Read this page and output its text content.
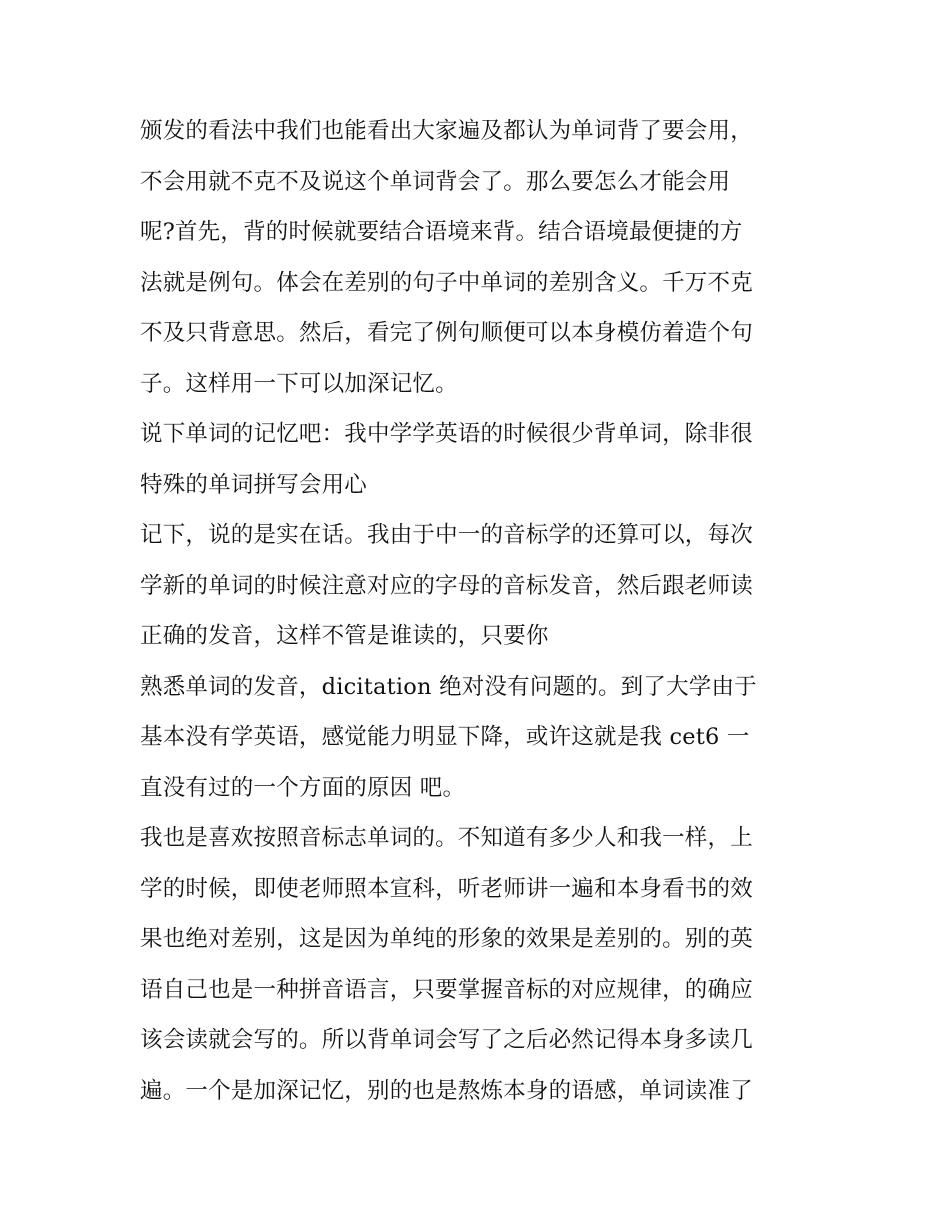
颁发的看法中我们也能看出大家遍及都认为单词背了要会用，
不会用就不克不及说这个单词背会了。那么要怎么才能会用
呢?首先，背的时候就要结合语境来背。结合语境最便捷的方
法就是例句。体会在差别的句子中单词的差别含义。千万不克
不及只背意思。然后，看完了例句顺便可以本身模仿着造个句
子。这样用一下可以加深记忆。
说下单词的记忆吧：我中学学英语的时候很少背单词，除非很
特殊的单词拼写会用心
记下，说的是实在话。我由于中一的音标学的还算可以，每次
学新的单词的时候注意对应的字母的音标发音，然后跟老师读
正确的发音，这样不管是谁读的，只要你
熟悉单词的发音，dicitation 绝对没有问题的。到了大学由于
基本没有学英语，感觉能力明显下降，或许这就是我 cet6 一
直没有过的一个方面的原因 吧。
我也是喜欢按照音标志单词的。不知道有多少人和我一样，上
学的时候，即使老师照本宣科，听老师讲一遍和本身看书的效
果也绝对差别，这是因为单纯的形象的效果是差别的。别的英
语自己也是一种拼音语言，只要掌握音标的对应规律，的确应
该会读就会写的。所以背单词会写了之后必然记得本身多读几
遍。一个是加深记忆，别的也是熬炼本身的语感，单词读准了
